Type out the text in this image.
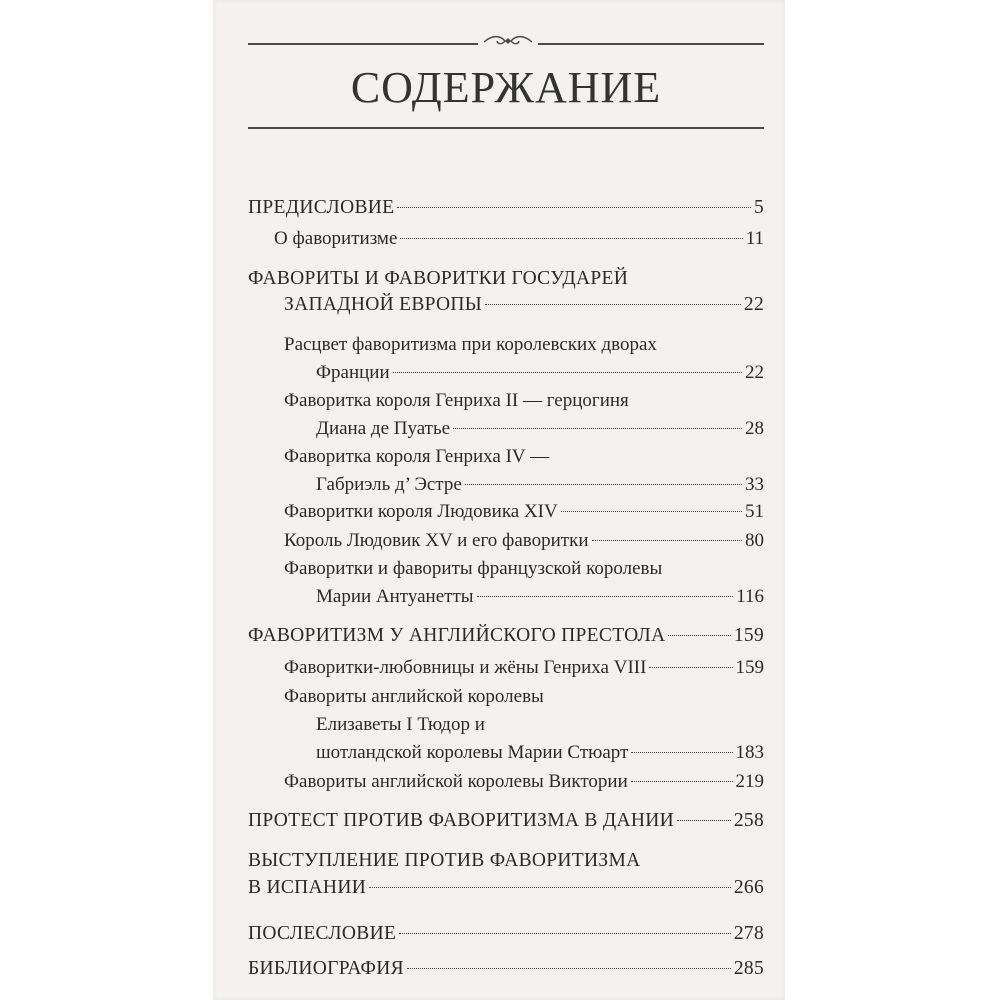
СОДЕРЖАНИЕ
ПРЕДИСЛОВИЕ	5
О фаворитизме	11
ФАВОРИТЫ И ФАВОРИТКИ ГОСУДАРЕЙ
ЗАПАДНОЙ ЕВРОПЫ	22
Расцвет фаворитизма при королевских дворах
Франции	22
Фаворитка короля Генриха II — герцогиня
Диана де Пуатье	28
Фаворитка короля Генриха IV —
Габриэль д’ Эстре	33
Фаворитки короля Людовика XIV	51
Король Людовик XV и его фаворитки	80
Фаворитки и фавориты французской королевы
Марии Антуанетты	116
ФАВОРИТИЗМ У АНГЛИЙСКОГО ПРЕСТОЛА	159
Фаворитки-любовницы и жёны Генриха VIII	159
Фавориты английской королевы
Елизаветы I Тюдор и
шотландской королевы Марии Стюарт	183
Фавориты английской королевы Виктории	219
ПРОТЕСТ ПРОТИВ ФАВОРИТИЗМА В ДАНИИ	258
ВЫСТУПЛЕНИЕ ПРОТИВ ФАВОРИТИЗМА
В ИСПАНИИ	266
ПОСЛЕСЛОВИЕ	278
БИБЛИОГРАФИЯ	285
